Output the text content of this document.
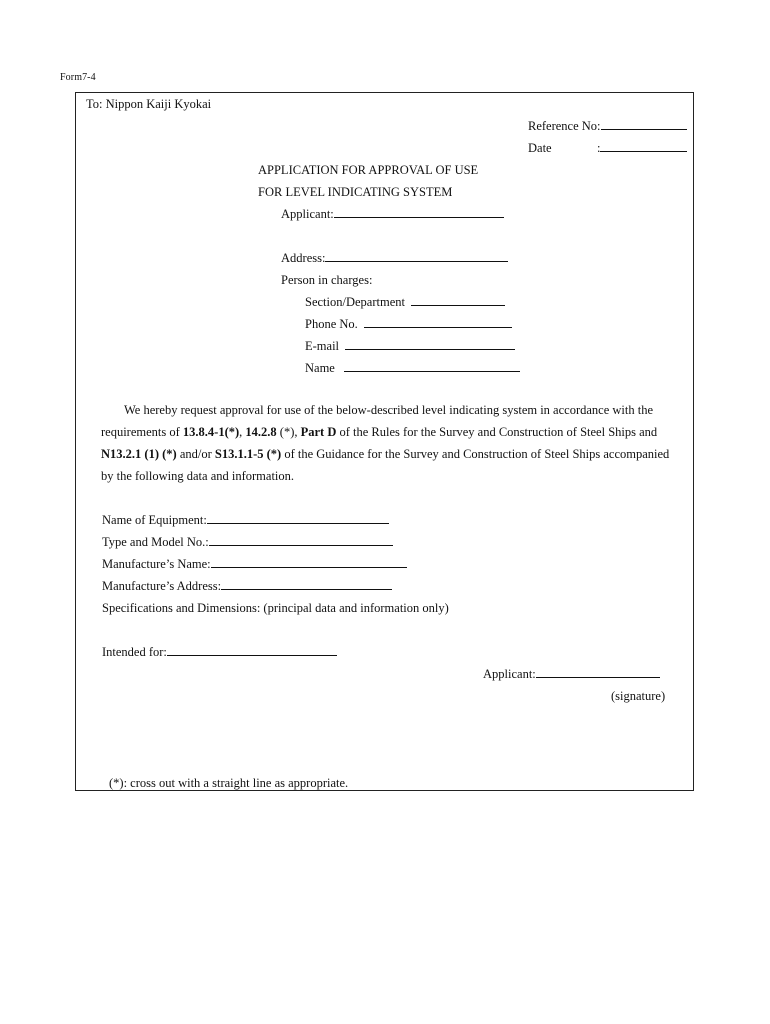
Form7-4
To: Nippon Kaiji Kyokai
Reference No:
Date	:
APPLICATION FOR APPROVAL OF USE
FOR LEVEL INDICATING SYSTEM
Applicant:
Address:
Person in charges:
Section/Department
Phone No.
E-mail
Name

We hereby request approval for use of the below-described level indicating system in accordance with the requirements of 13.8.4-1(*), 14.2.8 (*), Part D of the Rules for the Survey and Construction of Steel Ships and N13.2.1 (1) (*) and/or S13.1.1-5 (*) of the Guidance for the Survey and Construction of Steel Ships accompanied by the following data and information.

Name of Equipment:
Type and Model No.:
Manufacture’s Name:
Manufacture’s Address:
Specifications and Dimensions: (principal data and information only)
Intended for:
Applicant:
(signature)
(*): cross out with a straight line as appropriate.
